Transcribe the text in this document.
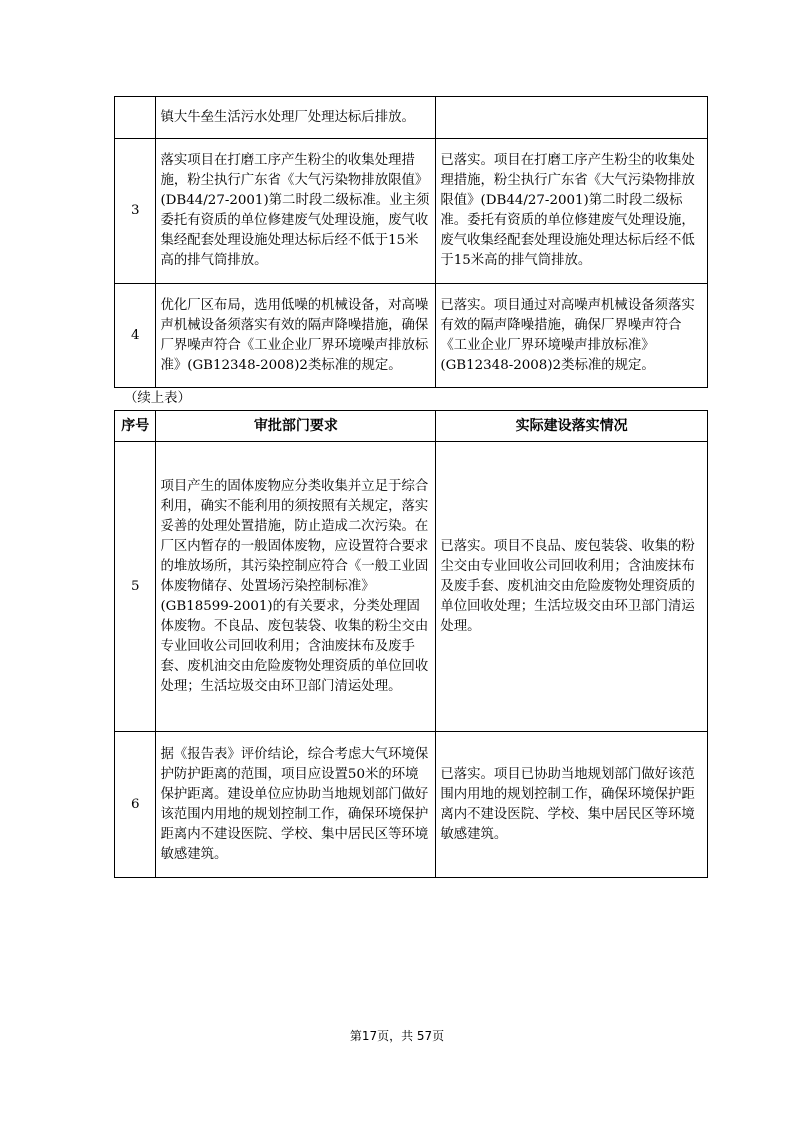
	镇大牛垒生活污水处理厂处理达标后排放。	
3	落实项目在打磨工序产生粉尘的收集处理措施，粉尘执行广东省《大气污染物排放限值》(DB44/27-2001)第二时段二级标准。业主须委托有资质的单位修建废气处理设施，废气收集经配套处理设施处理达标后经不低于15米高的排气筒排放。	已落实。项目在打磨工序产生粉尘的收集处理措施，粉尘执行广东省《大气污染物排放限值》(DB44/27-2001)第二时段二级标准。委托有资质的单位修建废气处理设施，废气收集经配套处理设施处理达标后经不低于15米高的排气筒排放。
4	优化厂区布局，选用低噪的机械设备，对高噪声机械设备须落实有效的隔声降噪措施，确保厂界噪声符合《工业企业厂界环境噪声排放标准》(GB12348-2008)2类标准的规定。	已落实。项目通过对高噪声机械设备须落实有效的隔声降噪措施，确保厂界噪声符合《工业企业厂界环境噪声排放标准》(GB12348-2008)2类标准的规定。
（续上表）
序号	审批部门要求	实际建设落实情况
5	项目产生的固体废物应分类收集并立足于综合利用，确实不能利用的须按照有关规定，落实妥善的处理处置措施，防止造成二次污染。在厂区内暂存的一般固体废物，应设置符合要求的堆放场所，其污染控制应符合《一般工业固体废物储存、处置场污染控制标准》(GB18599-2001)的有关要求，分类处理固体废物。不良品、废包装袋、收集的粉尘交由专业回收公司回收利用；含油废抹布及废手套、废机油交由危险废物处理资质的单位回收处理；生活垃圾交由环卫部门清运处理。	已落实。项目不良品、废包装袋、收集的粉尘交由专业回收公司回收利用；含油废抹布及废手套、废机油交由危险废物处理资质的单位回收处理；生活垃圾交由环卫部门清运处理。
6	据《报告表》评价结论，综合考虑大气环境保护防护距离的范围，项目应设置50米的环境保护距离。建设单位应协助当地规划部门做好该范围内用地的规划控制工作，确保环境保护距离内不建设医院、学校、集中居民区等环境敏感建筑。	已落实。项目已协助当地规划部门做好该范围内用地的规划控制工作，确保环境保护距离内不建设医院、学校、集中居民区等环境敏感建筑。
第17页，共 57页
